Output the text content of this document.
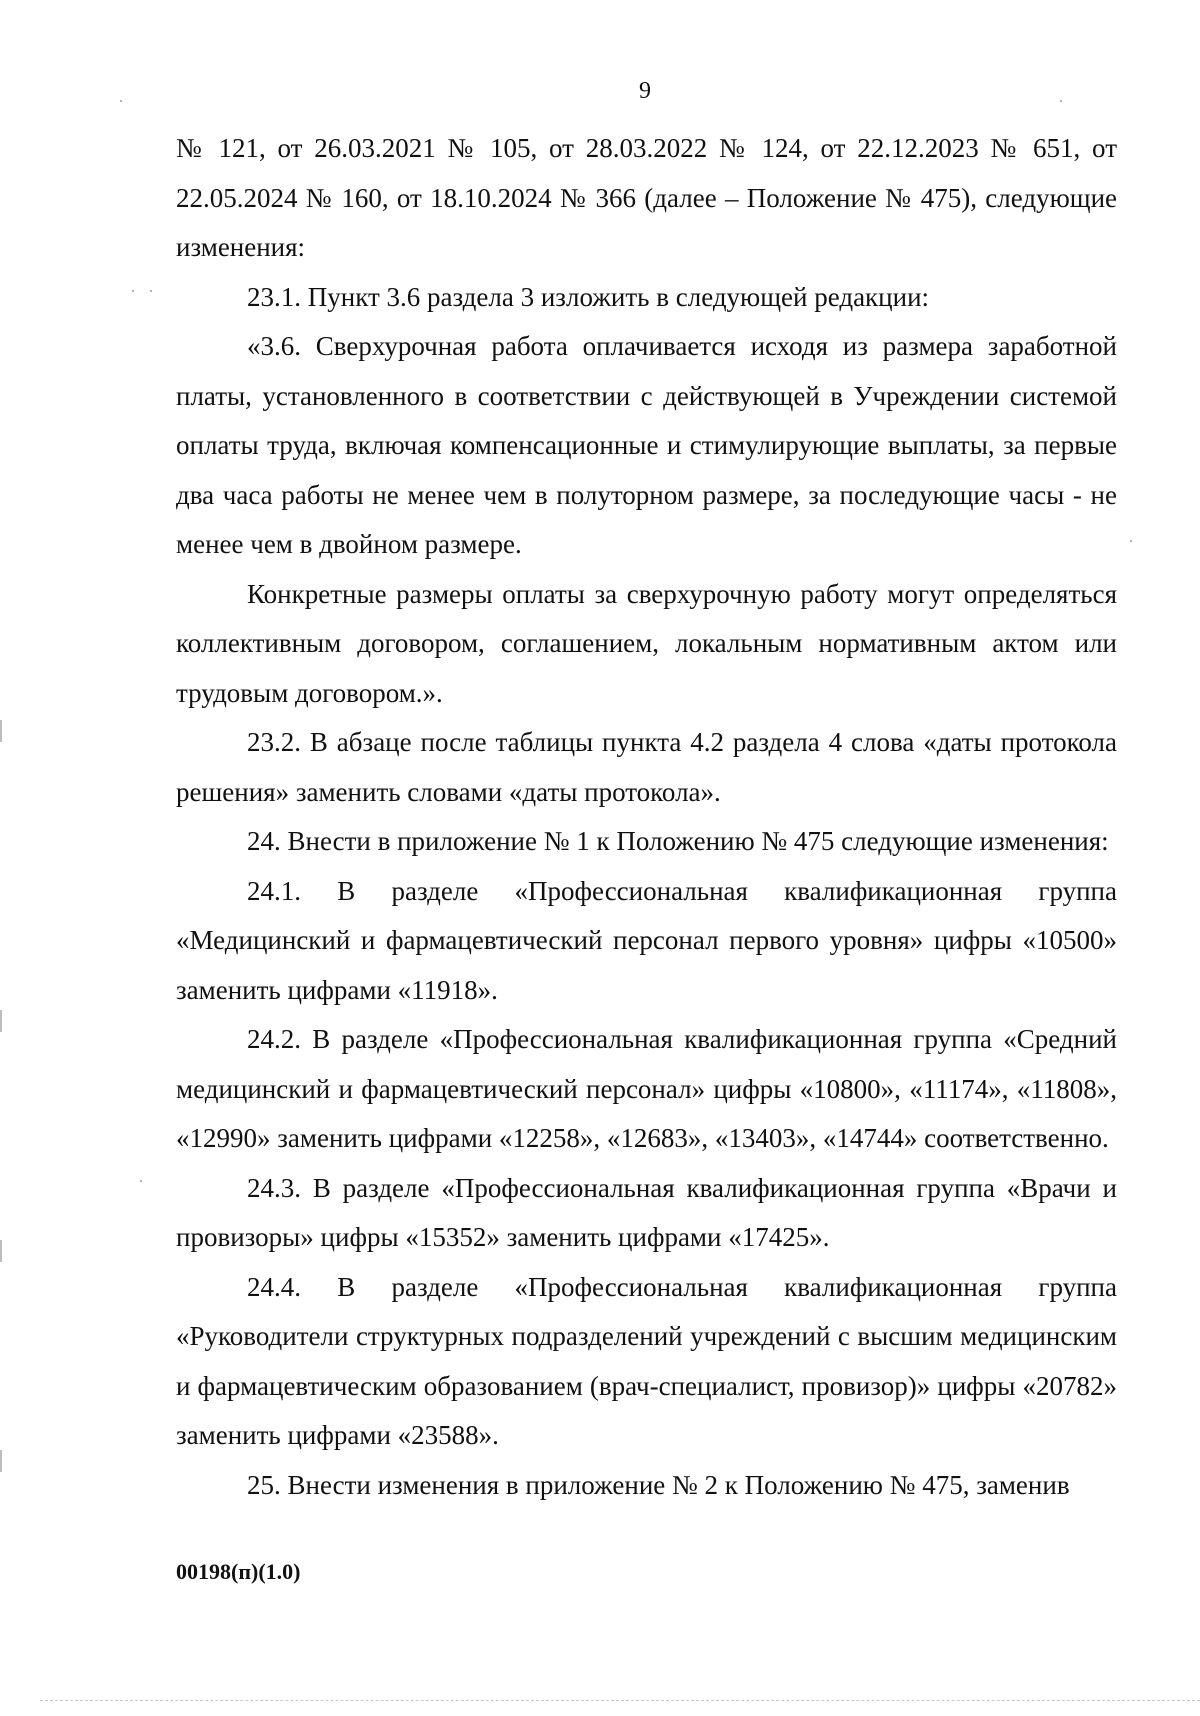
9

№ 121, от 26.03.2021 № 105, от 28.03.2022 № 124, от 22.12.2023 № 651, от 22.05.2024 № 160, от 18.10.2024 № 366 (далее – Положение № 475), следующие изменения:

23.1. Пункт 3.6 раздела 3 изложить в следующей редакции:

«3.6. Сверхурочная работа оплачивается исходя из размера заработной платы, установленного в соответствии с действующей в Учреждении системой оплаты труда, включая компенсационные и стимулирующие выплаты, за первые два часа работы не менее чем в полуторном размере, за последующие часы - не менее чем в двойном размере.

Конкретные размеры оплаты за сверхурочную работу могут определяться коллективным договором, соглашением, локальным нормативным актом или трудовым договором.».

23.2. В абзаце после таблицы пункта 4.2 раздела 4 слова «даты протокола решения» заменить словами «даты протокола».

24. Внести в приложение № 1 к Положению № 475 следующие изменения:

24.1. В разделе «Профессиональная квалификационная группа «Медицинский и фармацевтический персонал первого уровня» цифры «10500» заменить цифрами «11918».

24.2. В разделе «Профессиональная квалификационная группа «Средний медицинский и фармацевтический персонал» цифры «10800», «11174», «11808», «12990» заменить цифрами «12258», «12683», «13403», «14744» соответственно.

24.3. В разделе «Профессиональная квалификационная группа «Врачи и провизоры» цифры «15352» заменить цифрами «17425».

24.4. В разделе «Профессиональная квалификационная группа «Руководители структурных подразделений учреждений с высшим медицинским и фармацевтическим образованием (врач-специалист, провизор)» цифры «20782» заменить цифрами «23588».

25. Внести изменения в приложение № 2 к Положению № 475, заменив

00198(п)(1.0)
